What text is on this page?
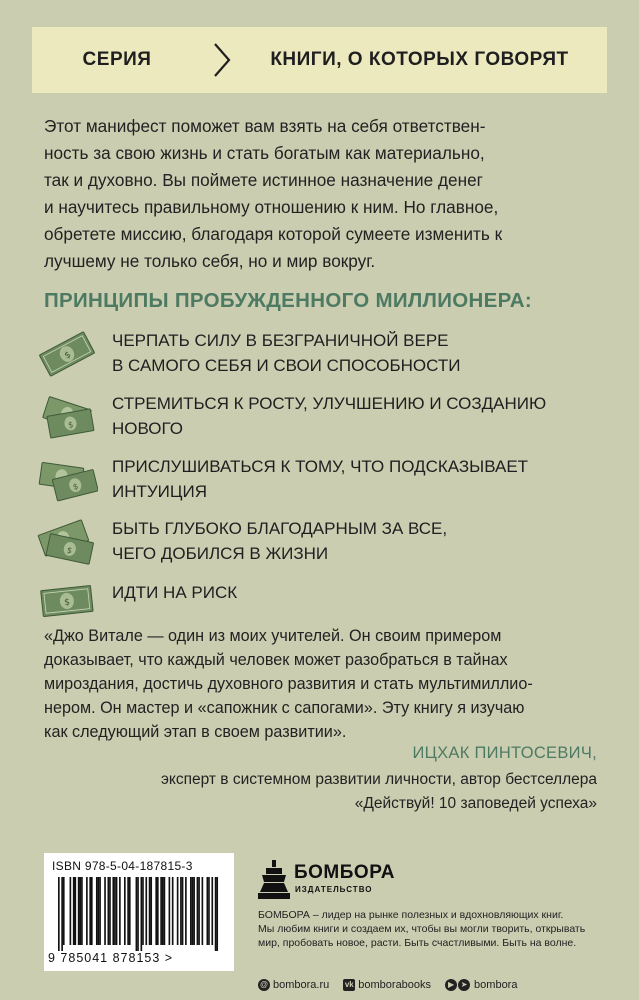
СЕРИЯ	КНИГИ, О КОТОРЫХ ГОВОРЯТ

Этот манифест поможет вам взять на себя ответствен-

ность за свою жизнь и стать богатым как материально,

так и духовно. Вы поймете истинное назначение денег

и научитесь правильному отношению к ним. Но главное,

обретете миссию, благодаря которой сумеете изменить к

лучшему не только себя, но и мир вокруг.

ПРИНЦИПЫ ПРОБУЖДЕННОГО МИЛЛИОНЕРА:
$
ЧЕРПАТЬ СИЛУ В БЕЗГРАНИЧНОЙ ВЕРЕ
В САМОГО СЕБЯ И СВОИ СПОСОБНОСТИ
$
СТРЕМИТЬСЯ К РОСТУ, УЛУЧШЕНИЮ И СОЗДАНИЮ
НОВОГО
$
ПРИСЛУШИВАТЬСЯ К ТОМУ, ЧТО ПОДСКАЗЫВАЕТ
ИНТУИЦИЯ
$
БЫТЬ ГЛУБОКО БЛАГОДАРНЫМ ЗА ВСЕ,
ЧЕГО ДОБИЛСЯ В ЖИЗНИ
$
ИДТИ НА РИСК

«Джо Витале — один из моих учителей. Он своим примером

доказывает, что каждый человек может разобраться в тайнах

мироздания, достичь духовного развития и стать мультимиллио-

нером. Он мастер и «сапожник с сапогами». Эту книгу я изучаю

как следующий этап в своем развитии».

ИЦХАК ПИНТОСЕВИЧ,
эксперт в системном развитии личности, автор бестселлера
«Действуй! 10 заповедей успеха»
ISBN 978-5-04-187815-3
9 785041 878153 >
БОМБОРА
ИЗДАТЕЛЬСТВО

БОМБОРА – лидер на рынке полезных и вдохновляющих книг.

Мы любим книги и создаем их, чтобы вы могли творить, открывать

мир, пробовать новое, расти. Быть счастливыми. Быть на волне.

@ bombora.ru vk bomborabooks	▶ ➤ bombora
